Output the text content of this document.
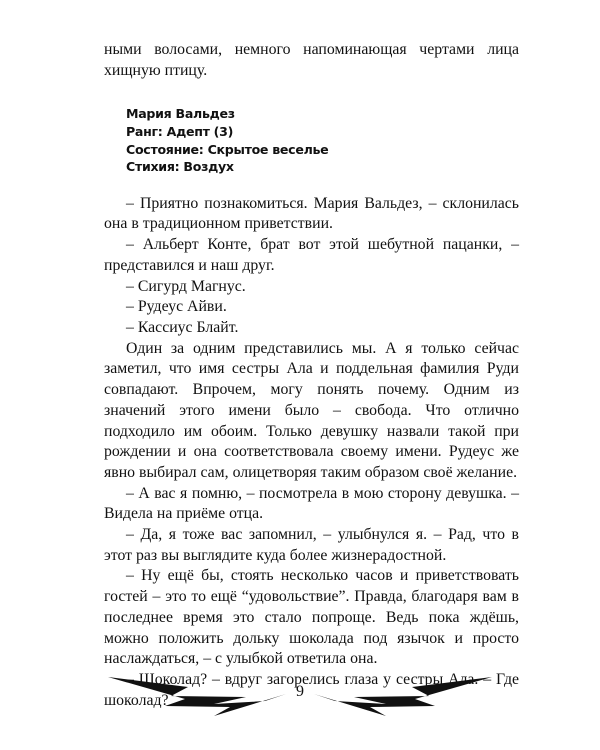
ными волосами, немного напоминающая чертами лица хищную птицу.

Мария Вальдез
Ранг: Адепт (3)
Состояние: Скрытое веселье
Стихия: Воздух

– Приятно познакомиться. Мария Вальдез, – склонилась она в традиционном приветствии.

– Альберт Конте, брат вот этой шебутной пацанки, – представился и наш друг.

– Сигурд Магнус.

– Рудеус Айви.

– Кассиус Блайт.

Один за одним представились мы. А я только сейчас заметил, что имя сестры Ала и поддельная фамилия Руди совпадают. Впрочем, могу понять почему. Одним из значений этого имени было – свобода. Что отлично подходило им обоим. Только девушку назвали такой при рождении и она соответствовала своему имени. Рудеус же явно выбирал сам, олицетворяя таким образом своё желание.

– А вас я помню, – посмотрела в мою сторону девушка. – Видела на приёме отца.

– Да, я тоже вас запомнил, – улыбнулся я. – Рад, что в этот раз вы выглядите куда более жизнерадостной.

– Ну ещё бы, стоять несколько часов и приветствовать гостей – это то ещё “удовольствие”. Правда, благодаря вам в последнее время это стало попроще. Ведь пока ждёшь, можно положить дольку шоколада под язычок и просто наслаждаться, – с улыбкой ответила она.

– Шоколад? – вдруг загорелись глаза у сестры Ала. – Где шоколад?

9
